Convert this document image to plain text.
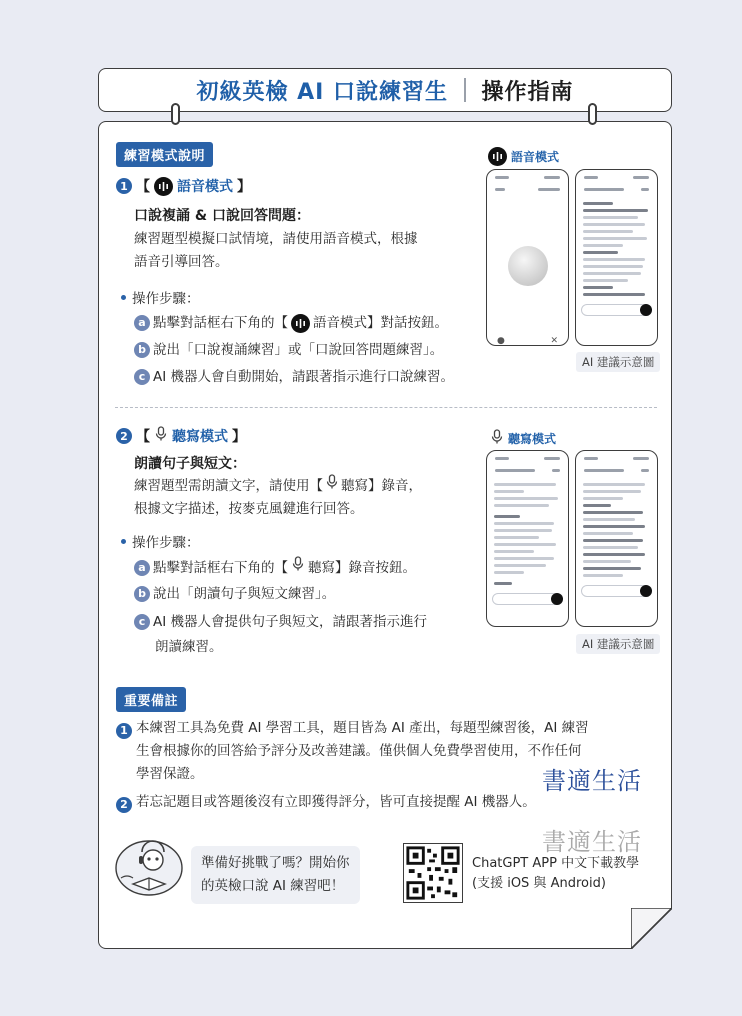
初級英檢 AI 口說練習生 操作指南
練習模式說明
1 【 語音模式 】
口說複誦 & 口說回答問題：
練習題型模擬口試情境，請使用語音模式，根據
語音引導回答。
操作步驟：
a 點擊對話框右下角的【 語音模式 】對話按鈕。
b 說出「口說複誦練習」或「口說回答問題練習」。
c AI 機器人會自動開始，請跟著指示進行口說練習。
語音模式
●	✕
AI 建議示意圖
2 【 聽寫模式 】
朗讀句子與短文：
練習題型需朗讀文字，請使用【 聽寫】錄音，
根據文字描述，按麥克風鍵進行回答。
操作步驟：
a 點擊對話框右下角的【 聽寫 】錄音按鈕。
b 說出「朗讀句子與短文練習」。
c AI 機器人會提供句子與短文，請跟著指示進行
朗讀練習。
聽寫模式
AI 建議示意圖
重要備註
1 本練習工具為免費 AI 學習工具，題目皆為 AI 產出，每題型練習後，AI 練習
生會根據你的回答給予評分及改善建議。僅供個人免費學習使用，不作任何
學習保證。
2 若忘記題目或答題後沒有立即獲得評分，皆可直接提醒 AI 機器人。
書適生活
書適生活
準備好挑戰了嗎？開始你
的英檢口說 AI 練習吧！
ChatGPT APP 中文下載教學
(支援 iOS 與 Android)
